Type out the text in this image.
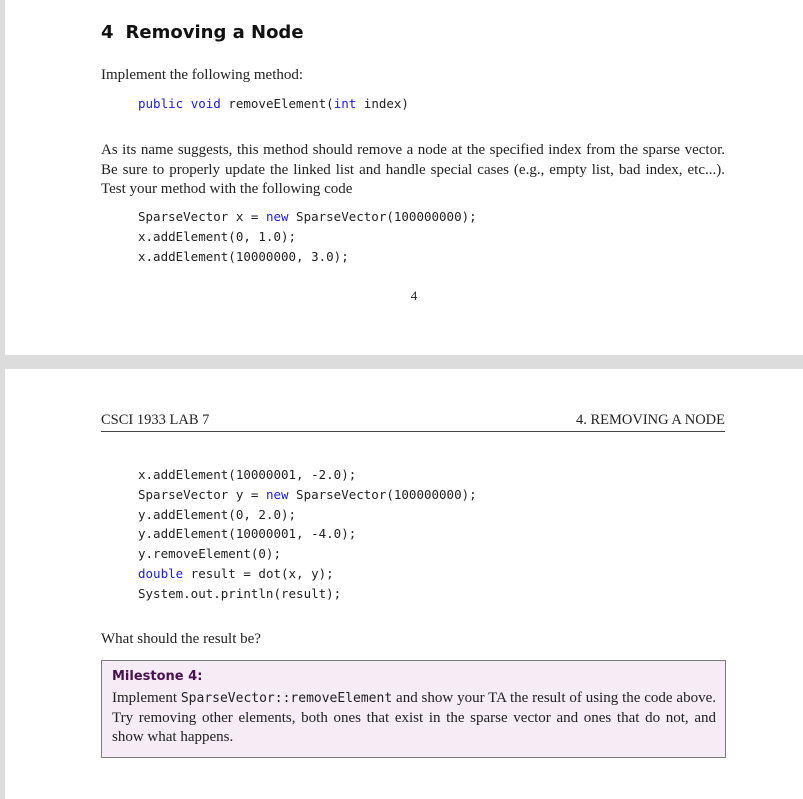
4 Removing a Node
Implement the following method:
public void removeElement(int index)
As its name suggests, this method should remove a node at the specified index from the sparse vector. Be sure to properly update the linked list and handle special cases (e.g., empty list, bad index, etc...). Test your method with the following code
SparseVector x = new SparseVector(100000000);
x.addElement(0, 1.0);
x.addElement(10000000, 3.0);
4
CSCI 1933 LAB 7	4. REMOVING A NODE
x.addElement(10000001, -2.0);
SparseVector y = new SparseVector(100000000);
y.addElement(0, 2.0);
y.addElement(10000001, -4.0);
y.removeElement(0);
double result = dot(x, y);
System.out.println(result);
What should the result be?
Milestone 4:
Implement SparseVector::removeElement and show your TA the result of using the code above. Try removing other elements, both ones that exist in the sparse vector and ones that do not, and show what happens.
